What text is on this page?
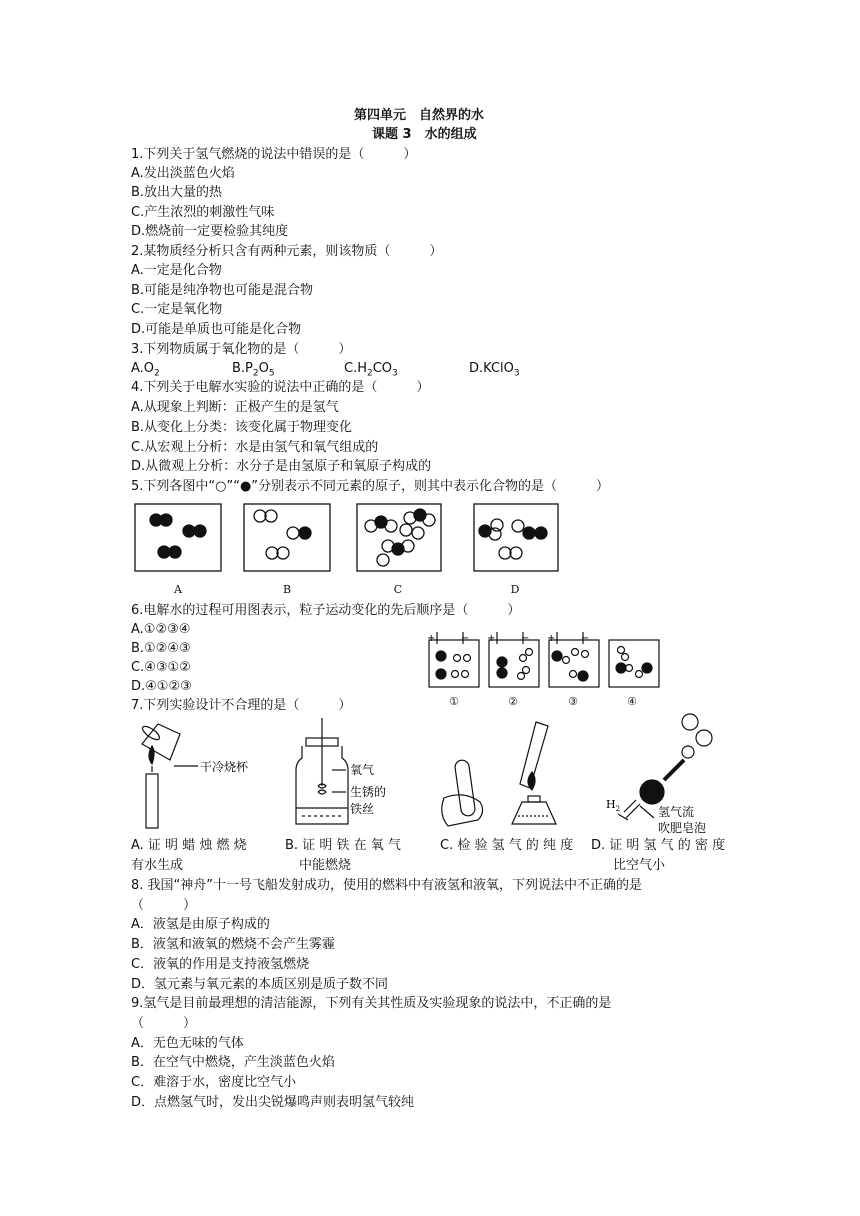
第四单元　自然界的水
课题 3　水的组成
1.下列关于氢气燃烧的说法中错误的是（　　　）
A.发出淡蓝色火焰
B.放出大量的热
C.产生浓烈的刺激性气味
D.燃烧前一定要检验其纯度
2.某物质经分析只含有两种元素，则该物质（　　　）
A.一定是化合物
B.可能是纯净物也可能是混合物
C.一定是氧化物
D.可能是单质也可能是化合物
3.下列物质属于氧化物的是（　　　）
$A.O_2$	$B.P_2O_5$	$C.H_2CO_3$	D.KClO$_3$
4.下列关于电解水实验的说法中正确的是（　　　）
A.从现象上判断：正极产生的是氢气
B.从变化上分类：该变化属于物理变化
C.从宏观上分析：水是由氢气和氧气组成的
D.从微观上分析：水分子是由氢原子和氧原子构成的
5.下列各图中“○”“●”分别表示不同元素的原子，则其中表示化合物的是（　　　）
A	B	C	D
6.电解水的过程可用图表示，粒子运动变化的先后顺序是（　　　）
A.①②③④
B.①②④③
C.④③①②
D.④①②③
+	− +	− +	−
①	②	③	④
7.下列实验设计不合理的是（　　　）
干冷烧杯	氧气
生锈的
铁丝	$H_2$	氢气流
吹肥皂泡
A. 证 明 蜡 烛 燃 烧
有水生成
B. 证 明 铁 在 氧 气
中能燃烧
C. 检 验 氢 气 的 纯 度	D. 证 明 氢 气 的 密 度
比空气小
8. 我国“神舟”十一号飞船发射成功，使用的燃料中有液氢和液氧，下列说法中不正确的是
（　　　）
A．液氢是由原子构成的
B．液氢和液氧的燃烧不会产生雾霾
C．液氧的作用是支持液氢燃烧
D．氢元素与氧元素的本质区别是质子数不同
9.氢气是目前最理想的清洁能源，下列有关其性质及实验现象的说法中，不正确的是
（　　　）
A．无色无味的气体
B．在空气中燃烧，产生淡蓝色火焰
C．难溶于水，密度比空气小
D．点燃氢气时，发出尖锐爆鸣声则表明氢气较纯
